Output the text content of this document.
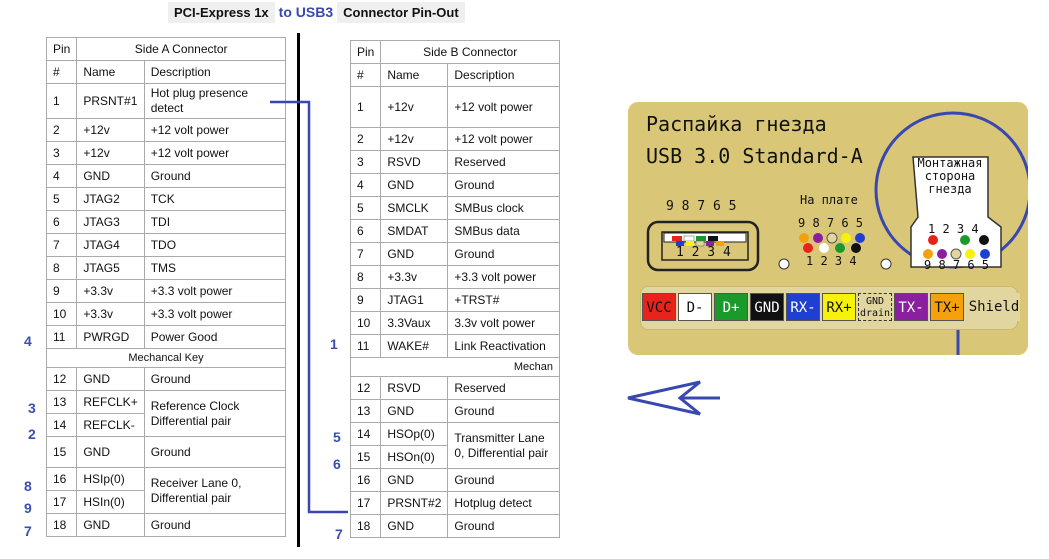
PCI-Express 1x to USB3 Connector Pin-Out
Pin	Side A Connector	
#	Name	Description
1	PRSNT#1	Hot plug presence detect
2	+12v	+12 volt power
3	+12v	+12 volt power
4	GND	Ground
5	JTAG2	TCK
6	JTAG3	TDI
7	JTAG4	TDO
8	JTAG5	TMS
9	+3.3v	+3.3 volt power
10	+3.3v	+3.3 volt power
11	PWRGD	Power Good
Mechancal Key		
12	GND	Ground
13	REFCLK+	Reference Clock Differential pair
14	REFCLK-	
15	GND	Ground
16	HSIp(0)	Receiver Lane 0, Differential pair
17	HSIn(0)	
18	GND	Ground
Pin	Side B Connector	
#	Name	Description
1	+12v	+12 volt power
2	+12v	+12 volt power
3	RSVD	Reserved
4	GND	Ground
5	SMCLK	SMBus clock
6	SMDAT	SMBus data
7	GND	Ground
8	+3.3v	+3.3 volt power
9	JTAG1	+TRST#
10	3.3Vaux	3.3v volt power
11	WAKE#	Link Reactivation
Mechan		
12	RSVD	Reserved
13	GND	Ground
14	HSOp(0)	Transmitter Lane 0, Differential pair
15	HSOn(0)	
16	GND	Ground
17	PRSNT#2	Hotplug detect
18	GND	Ground
4
3
2
8
9
7
1
5
6
7
Распайка гнезда
USB 3.0 Standard-A	Монтажная сторона гнезда
На плате
9 8 7 6 5
1 2 3 4
9 8 7 6 5
1 2 3 4
1 2 3 4
9 8 7 6 5
VCC	D-	D+	GND RX- RX+	GND drain TX- TX+ Shield
